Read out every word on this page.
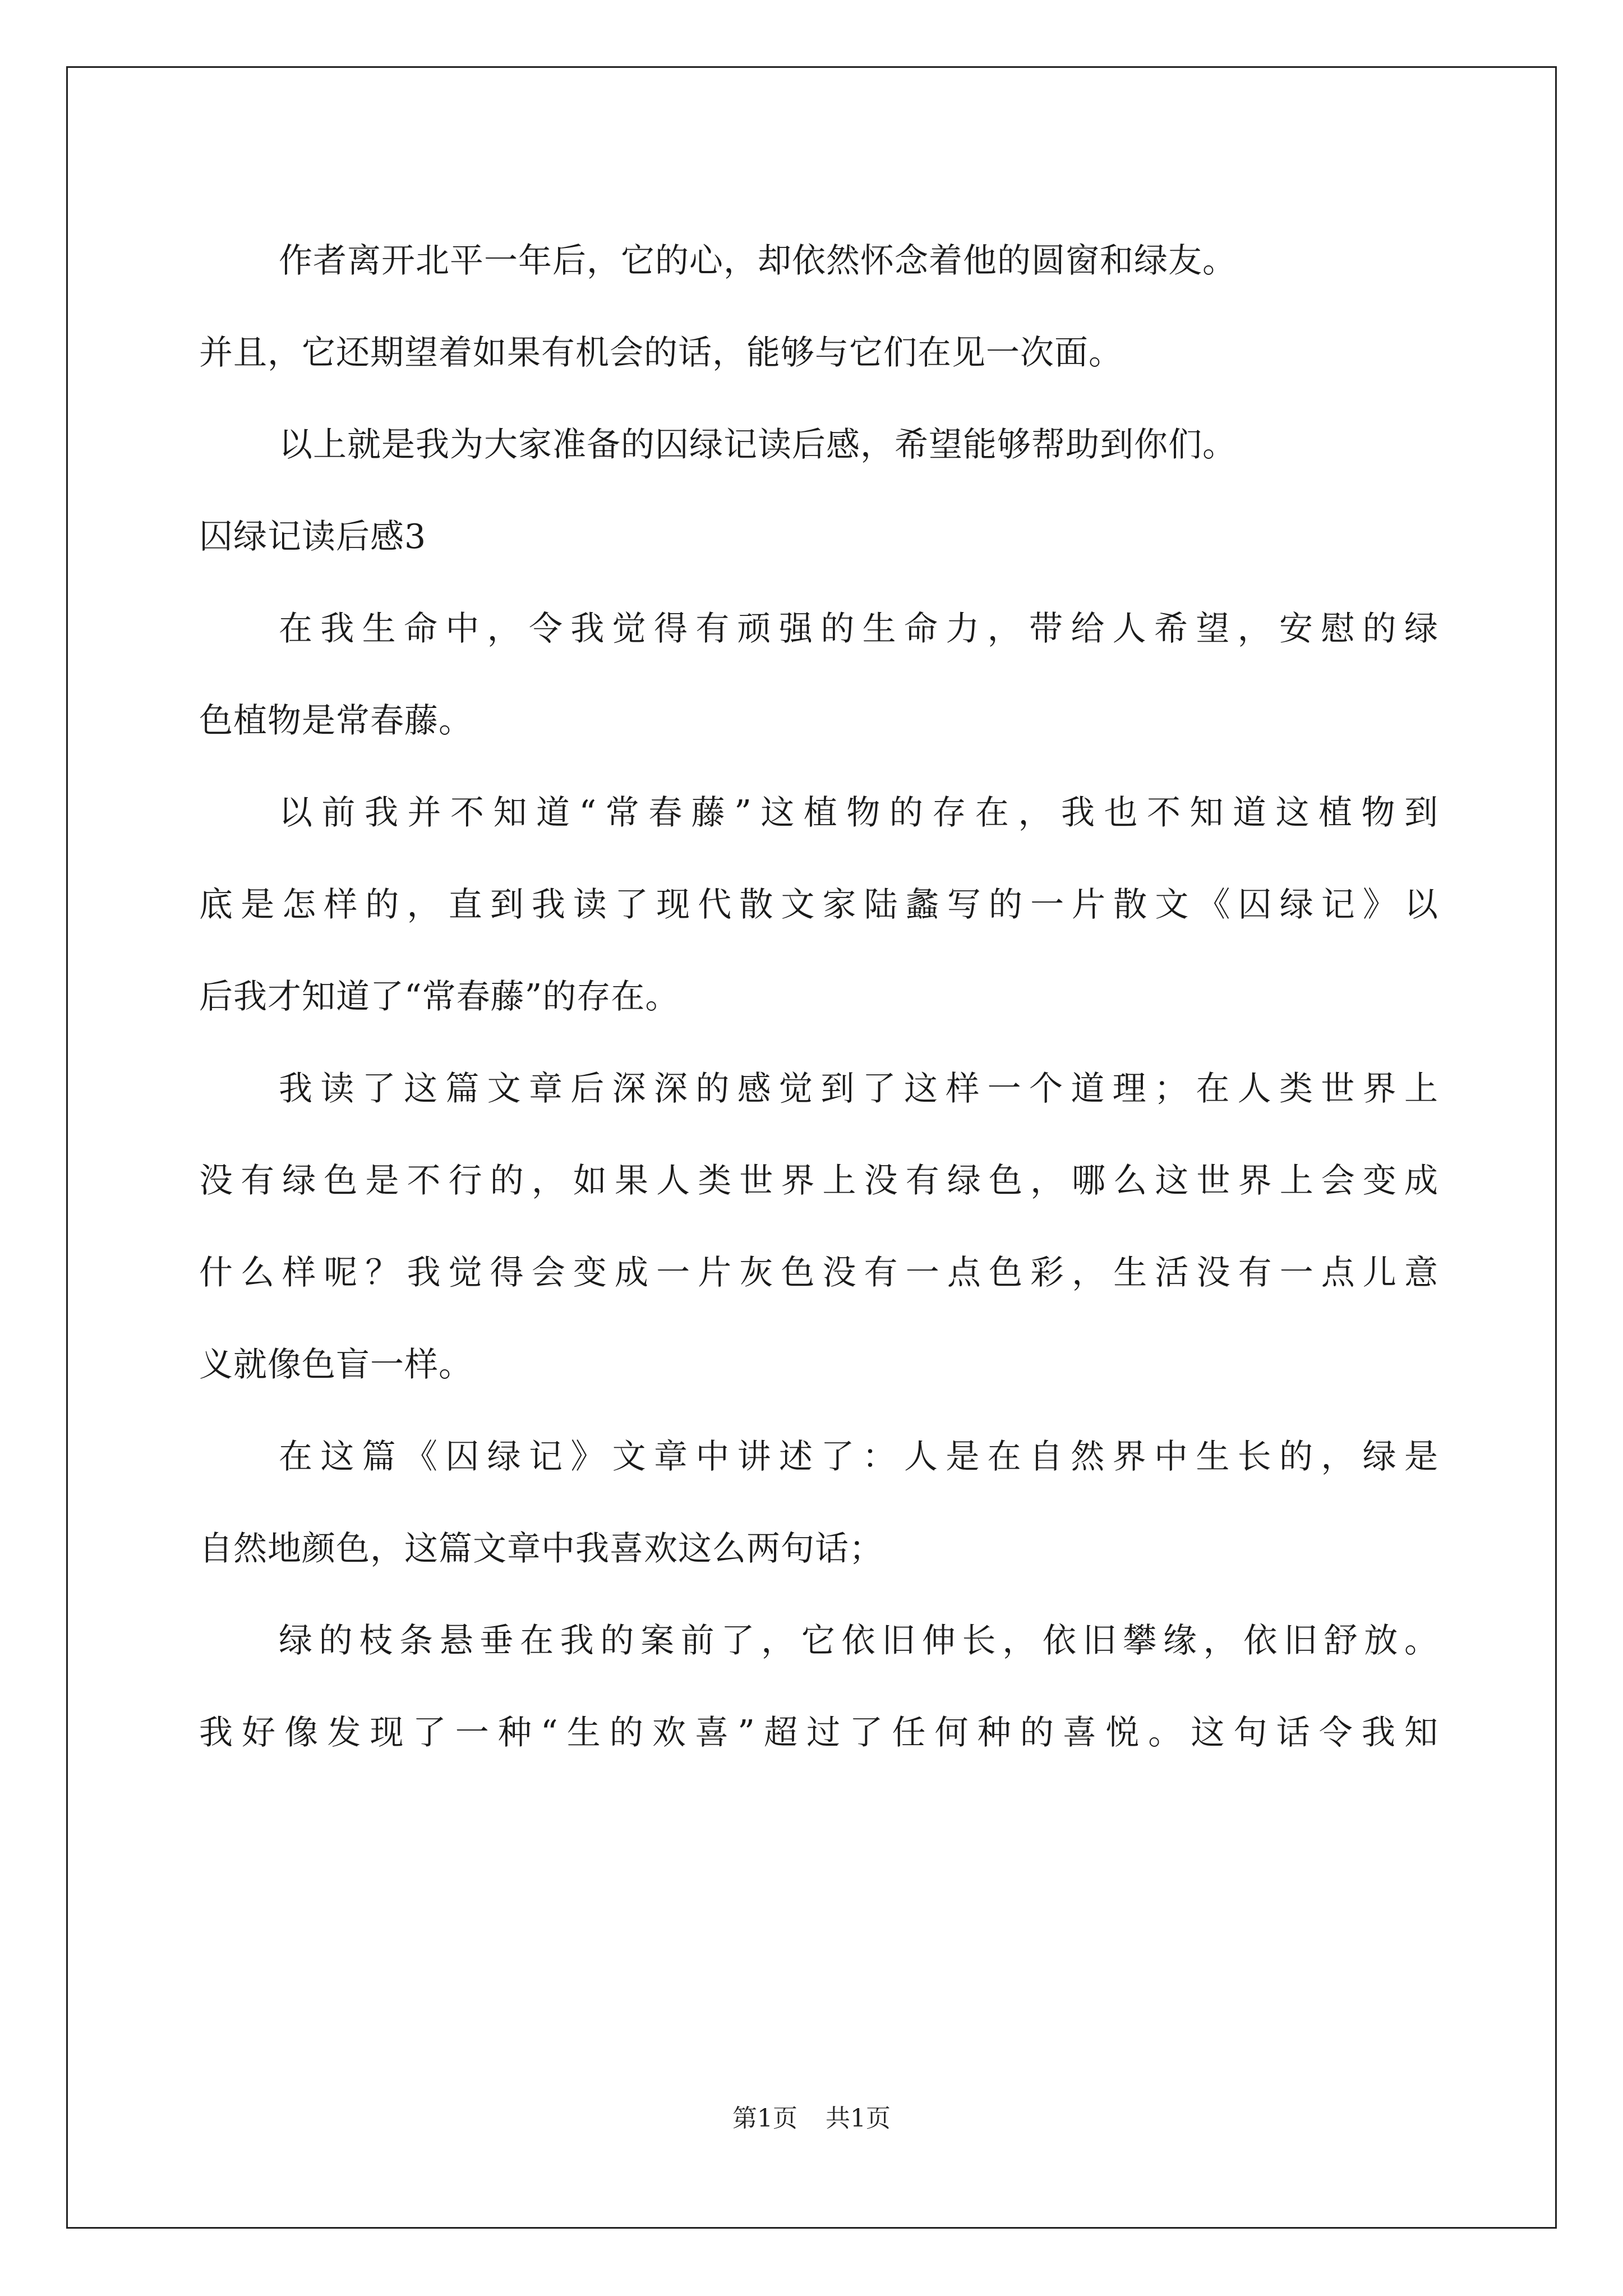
作者离开北平一年后，它的心，却依然怀念着他的圆窗和绿友。
并且，它还期望着如果有机会的话，能够与它们在见一次面。
以上就是我为大家准备的囚绿记读后感，希望能够帮助到你们。
囚绿记读后感3
在我生命中，令我觉得有顽强的生命力，带给人希望，安慰的绿
色植物是常春藤。
以前我并不知道“常春藤”这植物的存在，我也不知道这植物到
底是怎样的，直到我读了现代散文家陆蠡写的一片散文《囚绿记》以
后我才知道了“常春藤”的存在。
我读了这篇文章后深深的感觉到了这样一个道理；在人类世界上
没有绿色是不行的，如果人类世界上没有绿色，哪么这世界上会变成
什么样呢？我觉得会变成一片灰色没有一点色彩，生活没有一点儿意
义就像色盲一样。
在这篇《囚绿记》文章中讲述了：人是在自然界中生长的，绿是
自然地颜色，这篇文章中我喜欢这么两句话；
绿的枝条悬垂在我的案前了，它依旧伸长，依旧攀缘，依旧舒放。
我好像发现了一种“生的欢喜”超过了任何种的喜悦。这句话令我知
第1页 共1页
